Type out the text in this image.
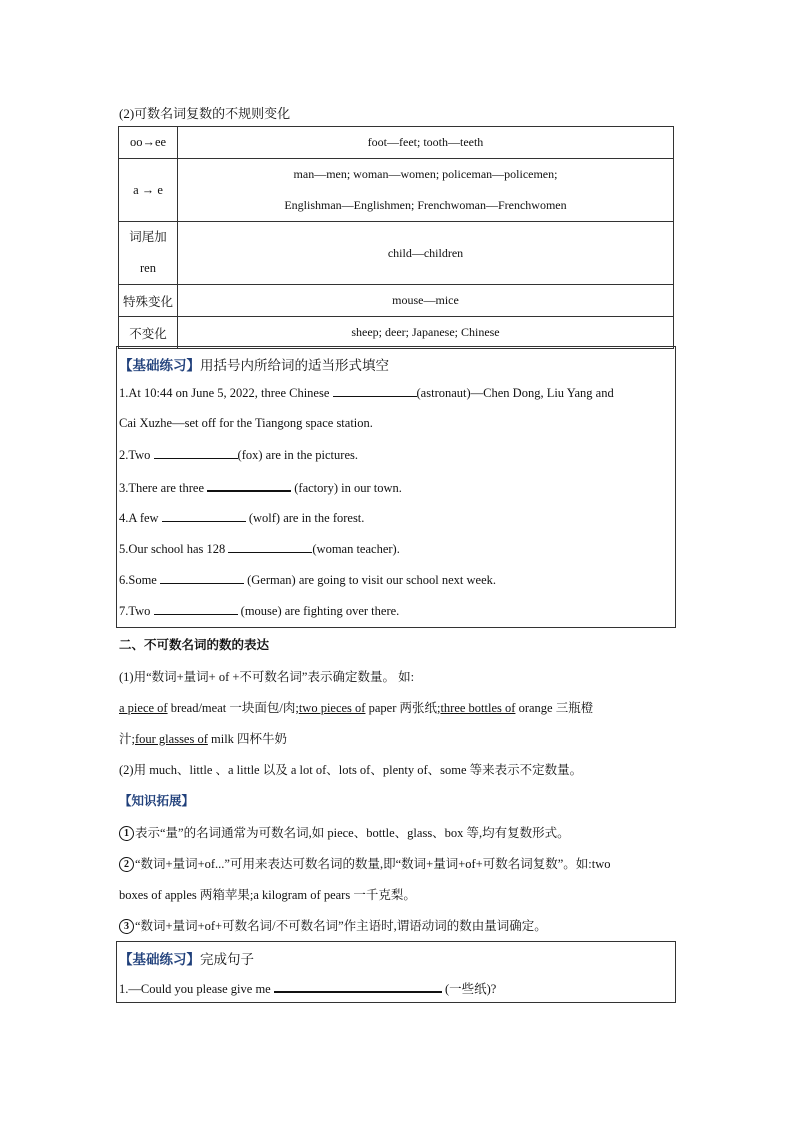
(2)可数名词复数的不规则变化
oo→ee	foot—feet; tooth—teeth
a → e	man—men; woman—women; policeman—policemen;
Englishman—Englishmen; Frenchwoman—Frenchwomen
词尾加ren	child—children
特殊变化	mouse—mice
不变化	sheep; deer; Japanese; Chinese
【基础练习】用括号内所给词的适当形式填空
1.At 10:44 on June 5, 2022, three Chinese	(astronaut)—Chen Dong, Liu Yang and
Cai Xuzhe—set off for the Tiangong space station.
2.Two	(fox) are in the pictures.
3.There are three	(factory) in our town.
4.A few	(wolf) are in the forest.
5.Our school has 128	(woman teacher).
6.Some	(German) are going to visit our school next week.
7.Two	(mouse) are fighting over there.
二、不可数名词的数的表达
(1)用“数词+量词+ of +不可数名词”表示确定数量。 如:
a piece of bread/meat 一块面包/肉;two pieces of paper 两张纸;three bottles of orange 三瓶橙
汁;four glasses of milk 四杯牛奶
(2)用 much、little 、a little 以及 a lot of、lots of、plenty of、some 等来表示不定数量。
【知识拓展】
1 表示“量”的名词通常为可数名词,如 piece、bottle、glass、box 等,均有复数形式。
2 “数词+量词+of...”可用来表达可数名词的数量,即“数词+量词+of+可数名词复数”。如:two
boxes of apples 两箱苹果;a kilogram of pears 一千克梨。
3 “数词+量词+of+可数名词/不可数名词”作主语时,谓语动词的数由量词确定。
【基础练习】完成句子
1.—Could you please give me	(一些纸)?
